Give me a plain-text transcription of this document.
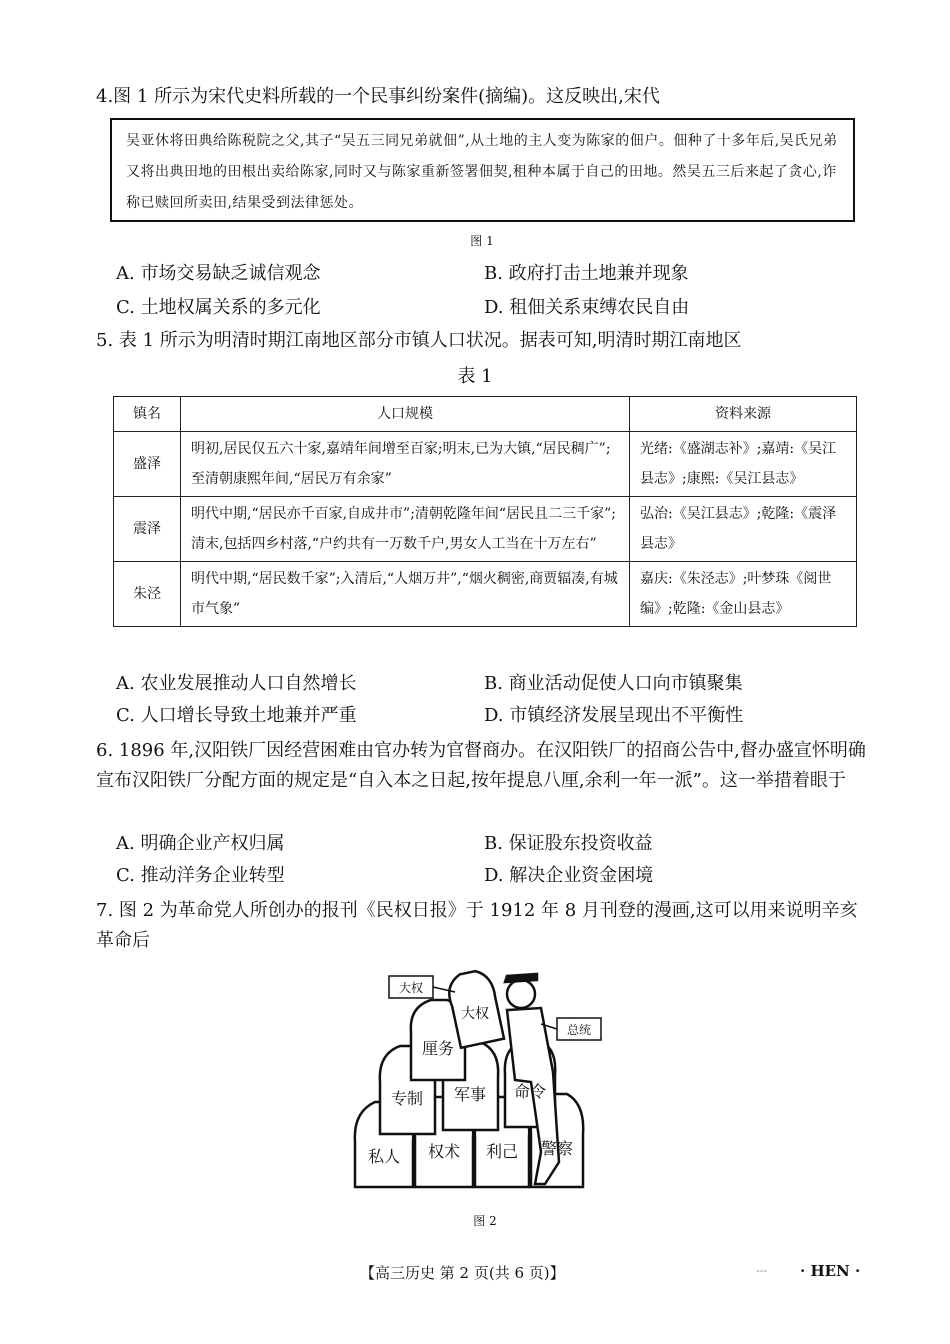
4.图 1 所示为宋代史料所载的一个民事纠纷案件(摘编)。这反映出,宋代
吴亚休将田典给陈税院之父,其子“吴五三同兄弟就佃”,从土地的主人变为陈家的佃户。佃种了十多年后,吴氏兄弟又将出典田地的田根出卖给陈家,同时又与陈家重新签署佃契,租种本属于自己的田地。然吴五三后来起了贪心,诈称已赎回所卖田,结果受到法律惩处。
图 1
A. 市场交易缺乏诚信观念	B. 政府打击土地兼并现象
C. 土地权属关系的多元化	D. 租佃关系束缚农民自由
5. 表 1 所示为明清时期江南地区部分市镇人口状况。据表可知,明清时期江南地区
表 1
镇名	人口规模	资料来源
盛泽	明初,居民仅五六十家,嘉靖年间增至百家;明末,已为大镇,“居民稠广”;至清朝康熙年间,“居民万有余家”	光绪:《盛湖志补》;嘉靖:《吴江县志》;康熙:《吴江县志》
震泽	明代中期,“居民亦千百家,自成井市”;清朝乾隆年间“居民且二三千家”;清末,包括四乡村落,“户约共有一万数千户,男女人工当在十万左右”	弘治:《吴江县志》;乾隆:《震泽县志》
朱泾	明代中期,“居民数千家”;入清后,“人烟万井”,“烟火稠密,商贾辐凑,有城市气象”	嘉庆:《朱泾志》;叶梦珠《阅世编》;乾隆:《金山县志》
A. 农业发展推动人口自然增长	B. 商业活动促使人口向市镇聚集
C. 人口增长导致土地兼并严重	D. 市镇经济发展呈现出不平衡性
6. 1896 年,汉阳铁厂因经营困难由官办转为官督商办。在汉阳铁厂的招商公告中,督办盛宣怀明确宣布汉阳铁厂分配方面的规定是“自入本之日起,按年提息八厘,余利一年一派”。这一举措着眼于
A. 明确企业产权归属	B. 保证股东投资收益
C. 推动洋务企业转型	D. 解决企业资金困境
7. 图 2 为革命党人所创办的报刊《民权日报》于 1912 年 8 月刊登的漫画,这可以用来说明辛亥革命后
私人 权术 利己 警察
专制 军事 命令
厘务
大权
大权
总统
图 2
【高三历史 第 2 页(共 6 页)】	--- · HEN ·
